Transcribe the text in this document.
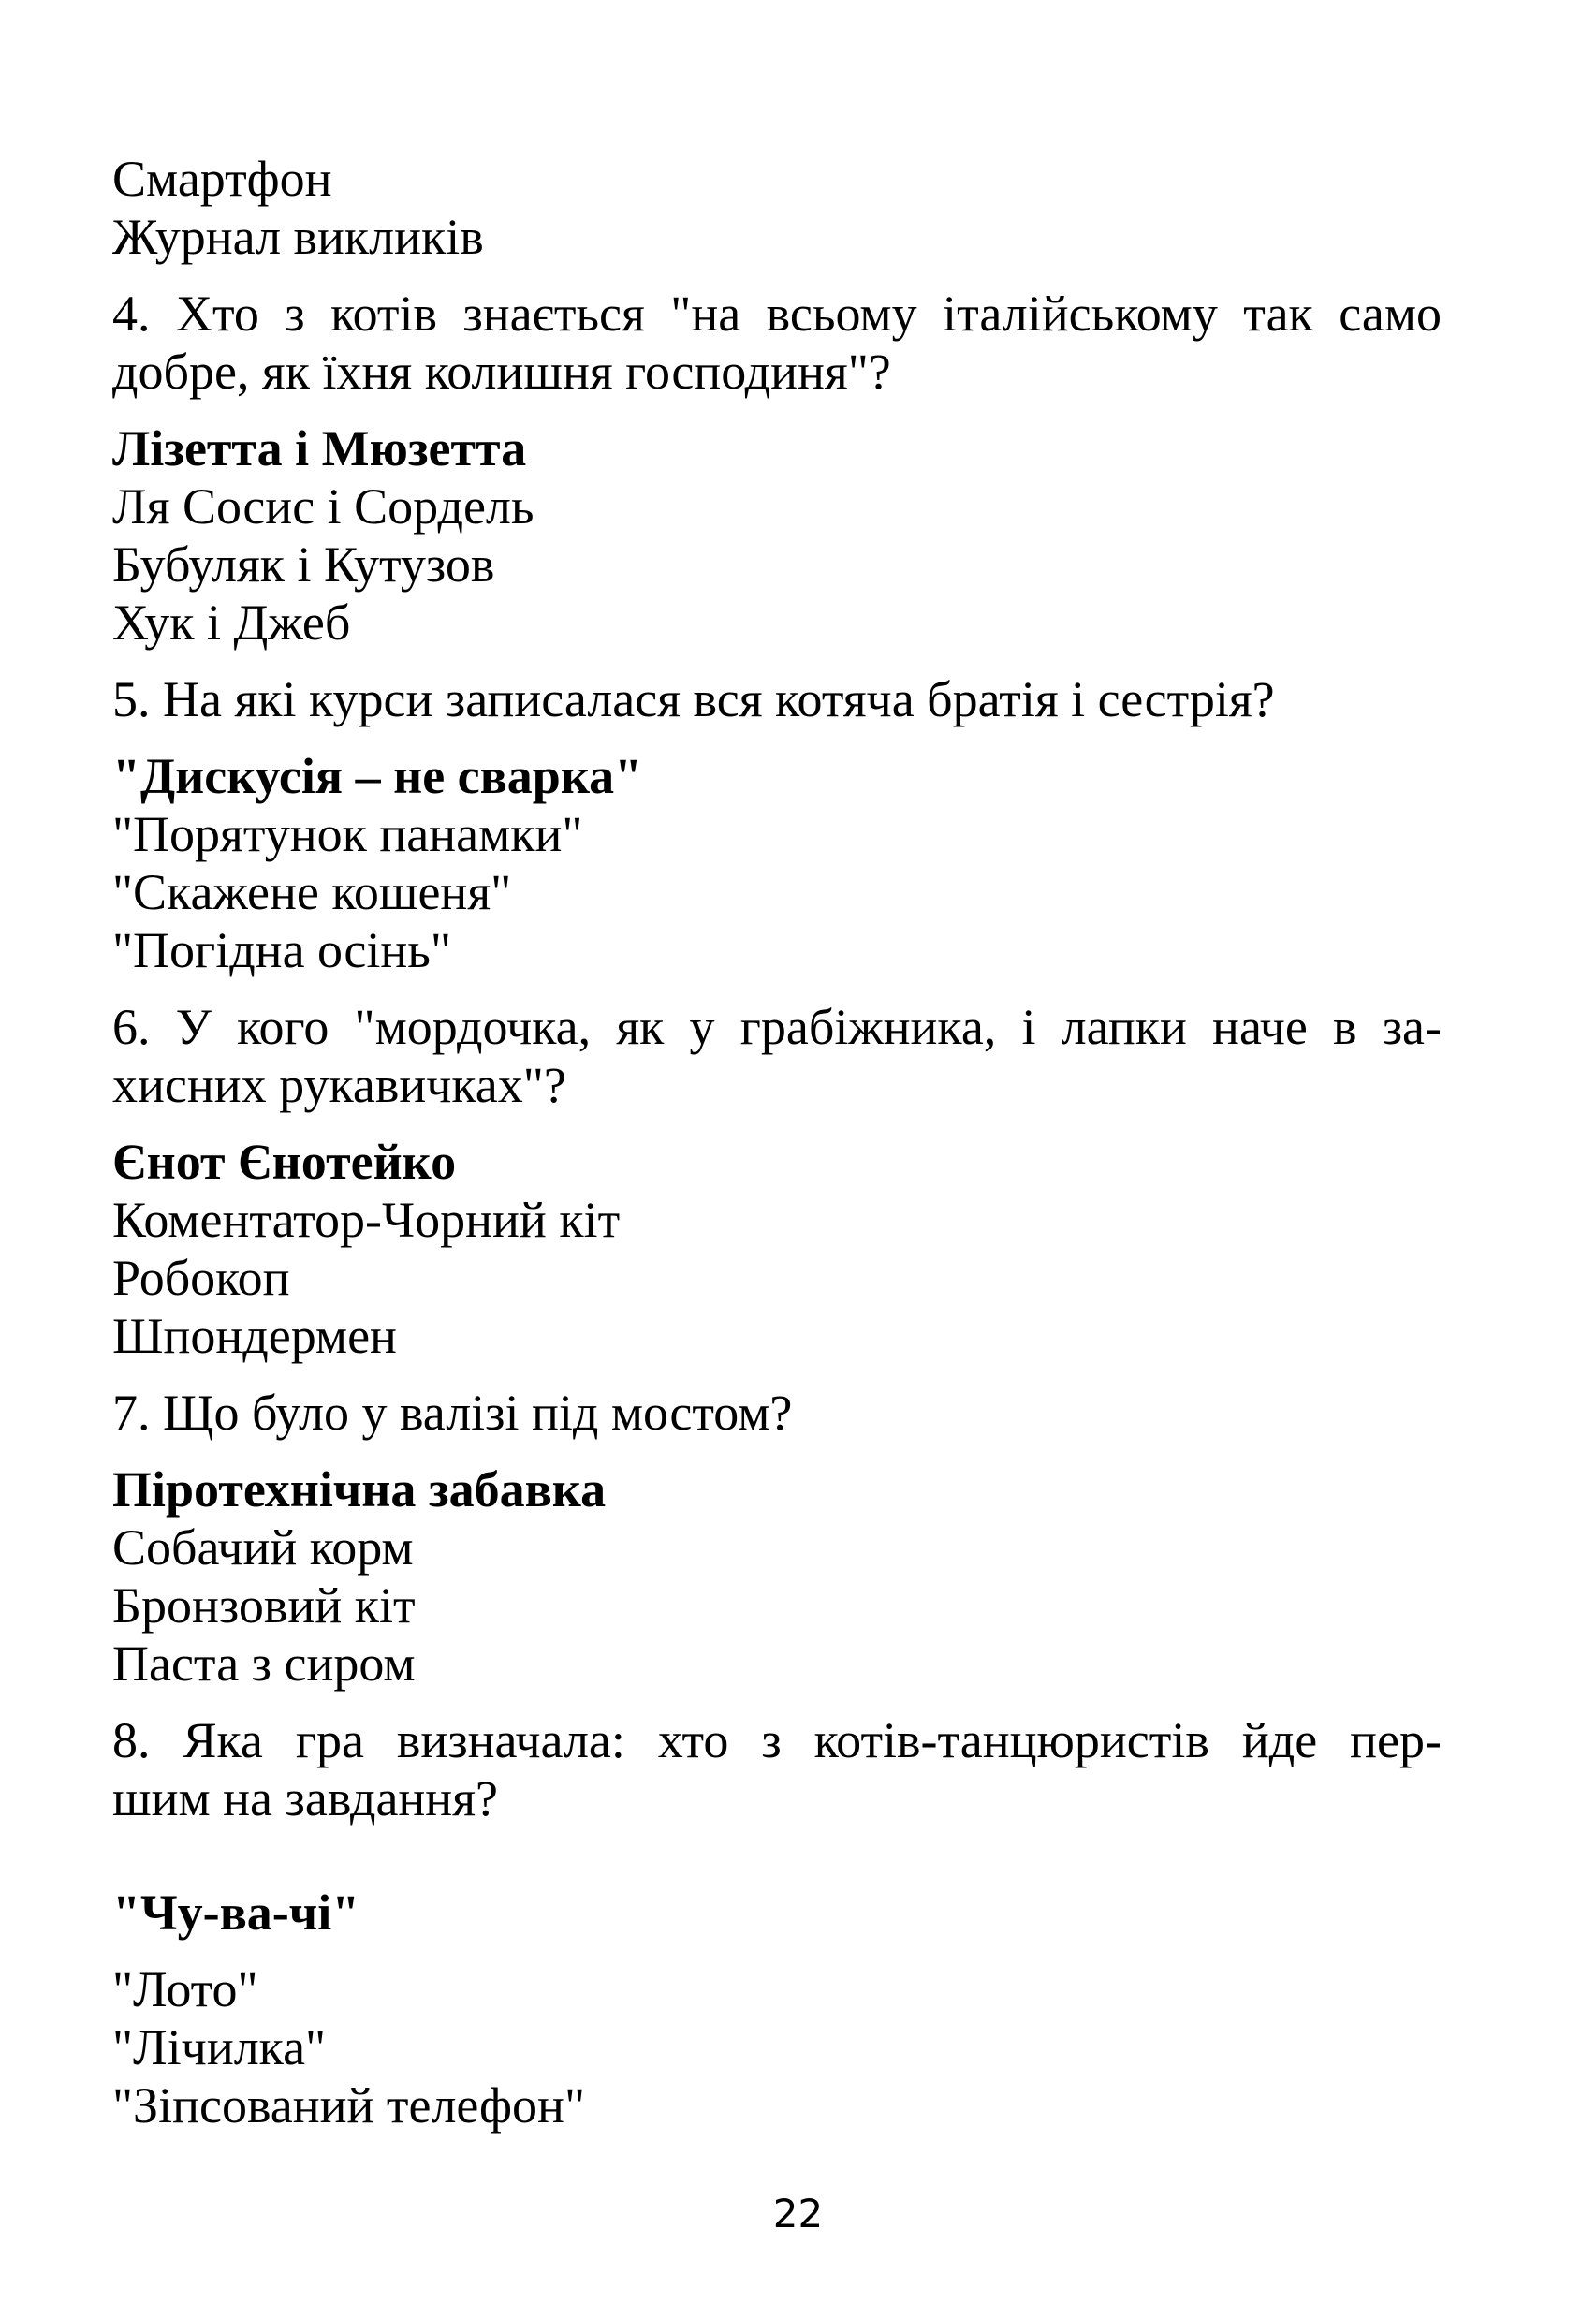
Смартфон
Журнал викликів
4. Хто з котів знається "на всьому італійському так само
добре, як їхня колишня господиня"?
Лізетта і Мюзетта
Ля Сосис і Сордель
Бубуляк і Кутузов
Хук і Джеб
5. На які курси записалася вся котяча братія і сестрія?
"Дискусія – не сварка"
"Порятунок панамки"
"Скажене кошеня"
"Погідна осінь"
6. У кого "мордочка, як у грабіжника, і лапки наче в за-
хисних рукавичках"?
Єнот Єнотейко
Коментатор-Чорний кіт
Робокоп
Шпондермен
7. Що було у валізі під мостом?
Піротехнічна забавка
Собачий корм
Бронзовий кіт
Паста з сиром
8. Яка гра визначала: хто з котів-танцюристів йде пер-
шим на завдання?
"Чу-ва-чі"
"Лото"
"Лічилка"
"Зіпсований телефон"
22
